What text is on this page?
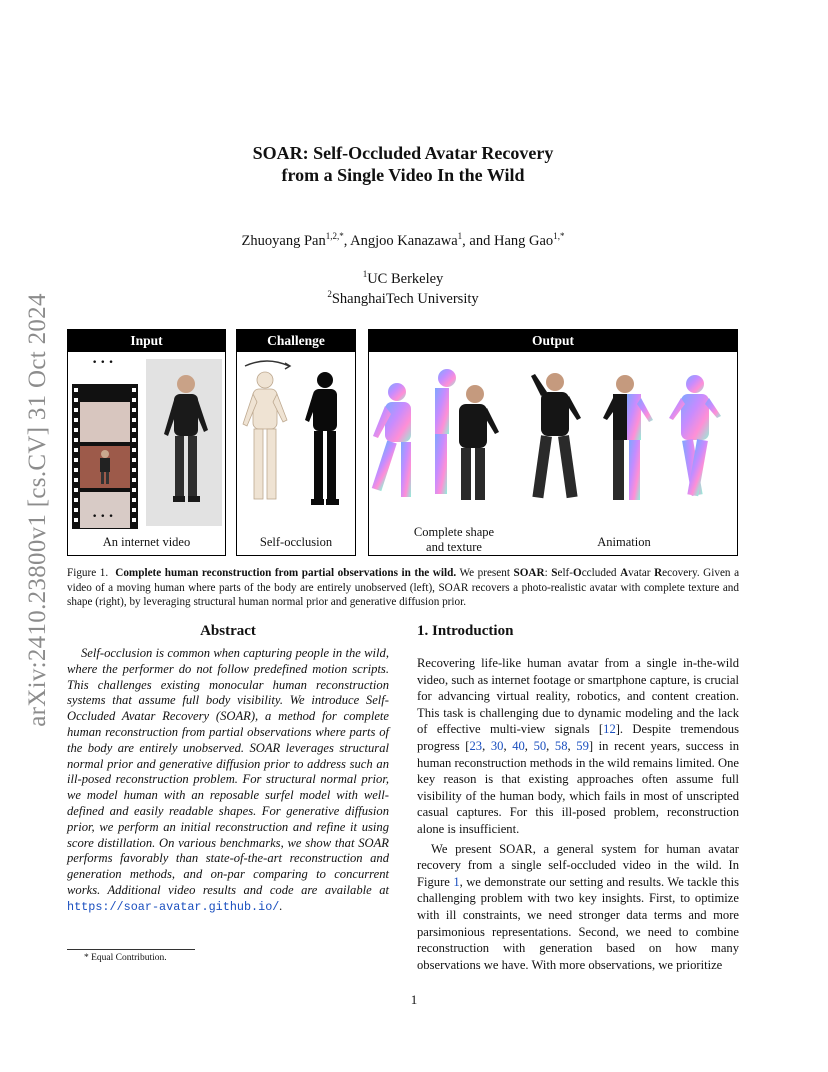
arXiv:2410.23800v1 [cs.CV] 31 Oct 2024
SOAR: Self-Occluded Avatar Recovery
from a Single Video In the Wild
Zhuoyang Pan$^{1,2,*}$, Angjoo Kanazawa$^1$, and Hang Gao$^{1,*}$
$^1$UC Berkeley
$^2$ShanghaiTech University
Input
• • •
• • •
An internet video
Challenge
Self-occlusion
Output
Complete shape
and texture	Animation
Figure 1. Complete human reconstruction from partial observations in the wild. We present SOAR: Self-Occluded Avatar Recovery. Given a video of a moving human where parts of the body are entirely unobserved (left), SOAR recovers a photo-realistic avatar with complete texture and shape (right), by leveraging structural human normal prior and generative diffusion prior.
Abstract
Self-occlusion is common when capturing people in the wild, where the performer do not follow predefined motion scripts. This challenges existing monocular human reconstruction systems that assume full body visibility. We introduce Self-Occluded Avatar Recovery (SOAR), a method for complete human reconstruction from partial observations where parts of the body are entirely unobserved. SOAR leverages structural normal prior and generative diffusion prior to address such an ill-posed reconstruction problem. For structural normal prior, we model human with an reposable surfel model with well-defined and easily readable shapes. For generative diffusion prior, we perform an initial reconstruction and refine it using score distillation. On various benchmarks, we show that SOAR performs favorably than state-of-the-art reconstruction and generation methods, and on-par comparing to concurrent works. Additional video results and code are available at https://soar-avatar.github.io/.
1. Introduction

Recovering life-like human avatar from a single in-the-wild video, such as internet footage or smartphone capture, is crucial for advancing virtual reality, robotics, and content creation. This task is challenging due to dynamic modeling and the lack of effective multi-view signals [12]. Despite tremendous progress [23, 30, 40, 50, 58, 59] in recent years, success in human reconstruction methods in the wild remains limited. One key reason is that existing approaches often assume full visibility of the human body, which fails in most of unscripted casual captures. For this ill-posed problem, reconstruction alone is insufficient.

We present SOAR, a general system for human avatar recovery from a single self-occluded video in the wild. In Figure 1, we demonstrate our setting and results. We tackle this challenging problem with two key insights. First, to optimize with ill constraints, we need stronger data terms and more parsimonious representations. Second, we need to combine reconstruction with generation based on how many observations we have. With more observations, we prioritize

* Equal Contribution.
1
